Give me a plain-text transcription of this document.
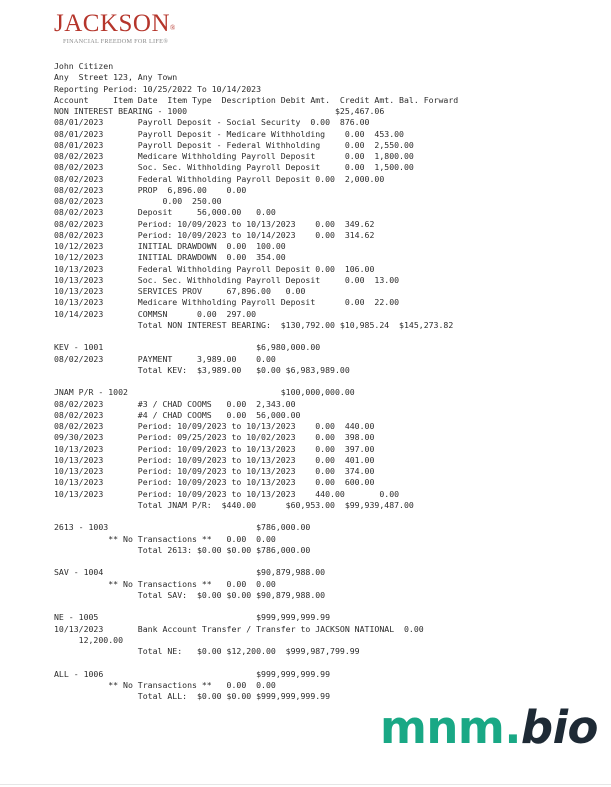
JACKSON®
FINANCIAL FREEDOM FOR LIFE®
John Citizen
Any  Street 123, Any Town
Reporting Period: 10/25/2022 To 10/14/2023
Account     Item Date  Item Type  Description Debit Amt.  Credit Amt. Bal. Forward
NON INTEREST BEARING - 1000                              $25,467.06
08/01/2023       Payroll Deposit - Social Security  0.00  876.00
08/01/2023       Payroll Deposit - Medicare Withholding    0.00  453.00
08/01/2023       Payroll Deposit - Federal Withholding     0.00  2,550.00
08/02/2023       Medicare Withholding Payroll Deposit      0.00  1,800.00
08/02/2023       Soc. Sec. Withholding Payroll Deposit     0.00  1,500.00
08/02/2023       Federal Withholding Payroll Deposit 0.00  2,000.00
08/02/2023       PROP  6,896.00    0.00
08/02/2023            0.00  250.00
08/02/2023       Deposit     56,000.00   0.00
08/02/2023       Period: 10/09/2023 to 10/13/2023    0.00  349.62
08/02/2023       Period: 10/09/2023 to 10/14/2023    0.00  314.62
10/12/2023       INITIAL DRAWDOWN  0.00  100.00
10/12/2023       INITIAL DRAWDOWN  0.00  354.00
10/13/2023       Federal Withholding Payroll Deposit 0.00  106.00
10/13/2023       Soc. Sec. Withholding Payroll Deposit     0.00  13.00
10/13/2023       SERVICES PROV     67,896.00   0.00
10/13/2023       Medicare Withholding Payroll Deposit      0.00  22.00
10/14/2023       COMMSN      0.00  297.00
Total NON INTEREST BEARING:  $130,792.00 $10,985.24  $145,273.82

KEV - 1001                               $6,980,000.00
08/02/2023       PAYMENT     3,989.00    0.00
Total KEV:  $3,989.00   $0.00 $6,983,989.00

JNAM P/R - 1002                               $100,000,000.00
08/02/2023       #3 / CHAD COOMS   0.00  2,343.00
08/02/2023       #4 / CHAD COOMS   0.00  56,000.00
08/02/2023       Period: 10/09/2023 to 10/13/2023    0.00  440.00
09/30/2023       Period: 09/25/2023 to 10/02/2023    0.00  398.00
10/13/2023       Period: 10/09/2023 to 10/13/2023    0.00  397.00
10/13/2023       Period: 10/09/2023 to 10/13/2023    0.00  401.00
10/13/2023       Period: 10/09/2023 to 10/13/2023    0.00  374.00
10/13/2023       Period: 10/09/2023 to 10/13/2023    0.00  600.00
10/13/2023       Period: 10/09/2023 to 10/13/2023    440.00       0.00
Total JNAM P/R:  $440.00      $60,953.00  $99,939,487.00

2613 - 1003                              $786,000.00
** No Transactions **   0.00  0.00
Total 2613: $0.00 $0.00 $786,000.00

SAV - 1004                               $90,879,988.00
** No Transactions **   0.00  0.00
Total SAV:  $0.00 $0.00 $90,879,988.00

NE - 1005                                $999,999,999.99
10/13/2023       Bank Account Transfer / Transfer to JACKSON NATIONAL  0.00
12,200.00
Total NE:   $0.00 $12,200.00  $999,987,799.99

ALL - 1006                               $999,999,999.99
** No Transactions **   0.00  0.00
Total ALL:  $0.00 $0.00 $999,999,999.99

mnm.bio
